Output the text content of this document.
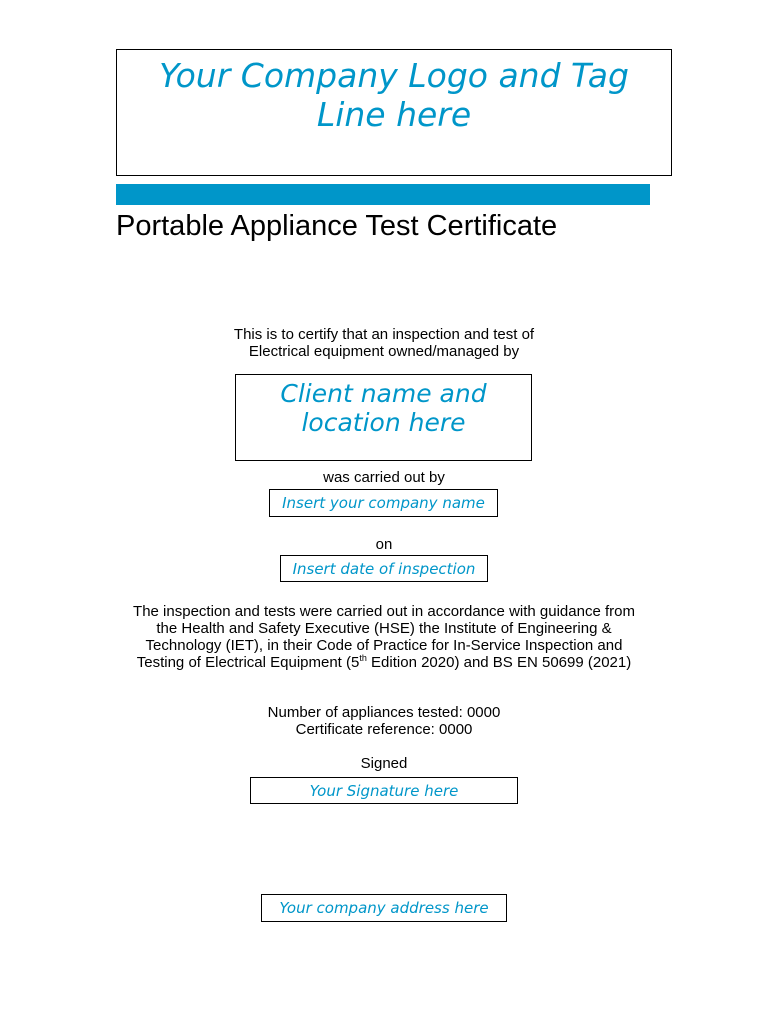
Your Company Logo and Tag
Line here
Portable Appliance Test Certificate

This is to certify that an inspection and test of

Electrical equipment owned/managed by

Client name and
location here

was carried out by

Insert your company name

on

Insert date of inspection

The inspection and tests were carried out in accordance with guidance from

the Health and Safety Executive (HSE) the Institute of Engineering &

Technology (IET), in their Code of Practice for In-Service Inspection and

Testing of Electrical Equipment (5th Edition 2020) and BS EN 50699 (2021)

Number of appliances tested: 0000

Certificate reference: 0000

Signed

Your Signature here
Your company address here
